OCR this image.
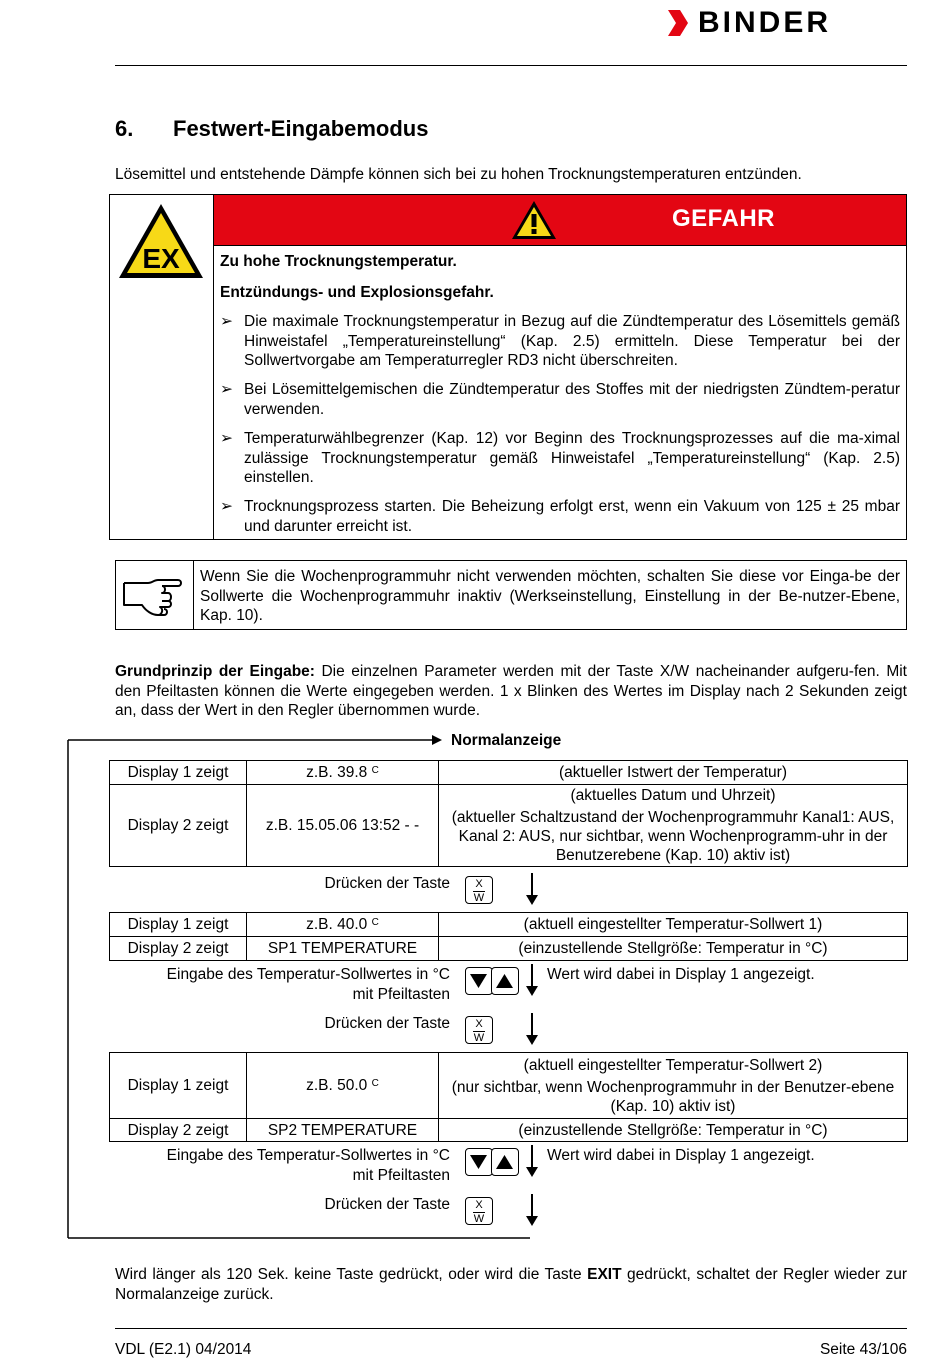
BINDER
6. Festwert-Eingabemodus
Lösemittel und entstehende Dämpfe können sich bei zu hohen Trocknungstemperaturen entzünden.
EX
GEFAHR
Zu hohe Trocknungstemperatur.
Entzündungs- und Explosionsgefahr.
➢ Die maximale Trocknungstemperatur in Bezug auf die Zündtemperatur des Lösemittels gemäß Hinweistafel „Temperatureinstellung“ (Kap. 2.5) ermitteln. Diese Temperatur bei der Sollwertvorgabe am Temperaturregler RD3 nicht überschreiten.
➢ Bei Lösemittelgemischen die Zündtemperatur des Stoffes mit der niedrigsten Zündtem-peratur verwenden.
➢ Temperaturwählbegrenzer (Kap. 12) vor Beginn des Trocknungsprozesses auf die ma-ximal zulässige Trocknungstemperatur gemäß Hinweistafel „Temperatureinstellung“ (Kap. 2.5) einstellen.
➢ Trocknungsprozess starten. Die Beheizung erfolgt erst, wenn ein Vakuum von 125 ± 25 mbar und darunter erreicht ist.
Wenn Sie die Wochenprogrammuhr nicht verwenden möchten, schalten Sie diese vor Einga-be der Sollwerte die Wochenprogrammuhr inaktiv (Werkseinstellung, Einstellung in der Be-nutzer-Ebene, Kap. 10).
Grundprinzip der Eingabe: Die einzelnen Parameter werden mit der Taste X/W nacheinander aufgeru-fen. Mit den Pfeiltasten können die Werte eingegeben werden. 1 x Blinken des Wertes im Display nach 2 Sekunden zeigt an, dass der Wert in den Regler übernommen wurde.
Normalanzeige
Display 1 zeigt	z.B. 39.8 $^C$	(aktueller Istwert der Temperatur)
Display 2 zeigt	z.B. 15.05.06 13:52 - -	(aktuelles Datum und Uhrzeit)
(aktueller Schaltzustand der Wochenprogrammuhr Kanal1: AUS, Kanal 2: AUS, nur sichtbar, wenn Wochenprogramm-uhr in der Benutzerebene (Kap. 10) aktiv ist)
Drücken der Taste	X
W
Display 1 zeigt	z.B. 40.0 $^C$	(aktuell eingestellter Temperatur-Sollwert 1)
Display 2 zeigt	SP1 TEMPERATURE	(einzustellende Stellgröße: Temperatur in °C)
Eingabe des Temperatur-Sollwertes in °C
mit Pfeiltasten
Wert wird dabei in Display 1 angezeigt.
Drücken der Taste	X
W
Display 1 zeigt	z.B. 50.0 $^C$	(aktuell eingestellter Temperatur-Sollwert 2)
(nur sichtbar, wenn Wochenprogrammuhr in der Benutzer-ebene (Kap. 10) aktiv ist)

Display 2 zeigt	SP2 TEMPERATURE	(einzustellende Stellgröße: Temperatur in °C)
Eingabe des Temperatur-Sollwertes in °C
mit Pfeiltasten
Wert wird dabei in Display 1 angezeigt.
Drücken der Taste	X
W
Wird länger als 120 Sek. keine Taste gedrückt, oder wird die Taste EXIT gedrückt, schaltet der Regler wieder zur Normalanzeige zurück.
VDL (E2.1) 04/2014	Seite 43/106
